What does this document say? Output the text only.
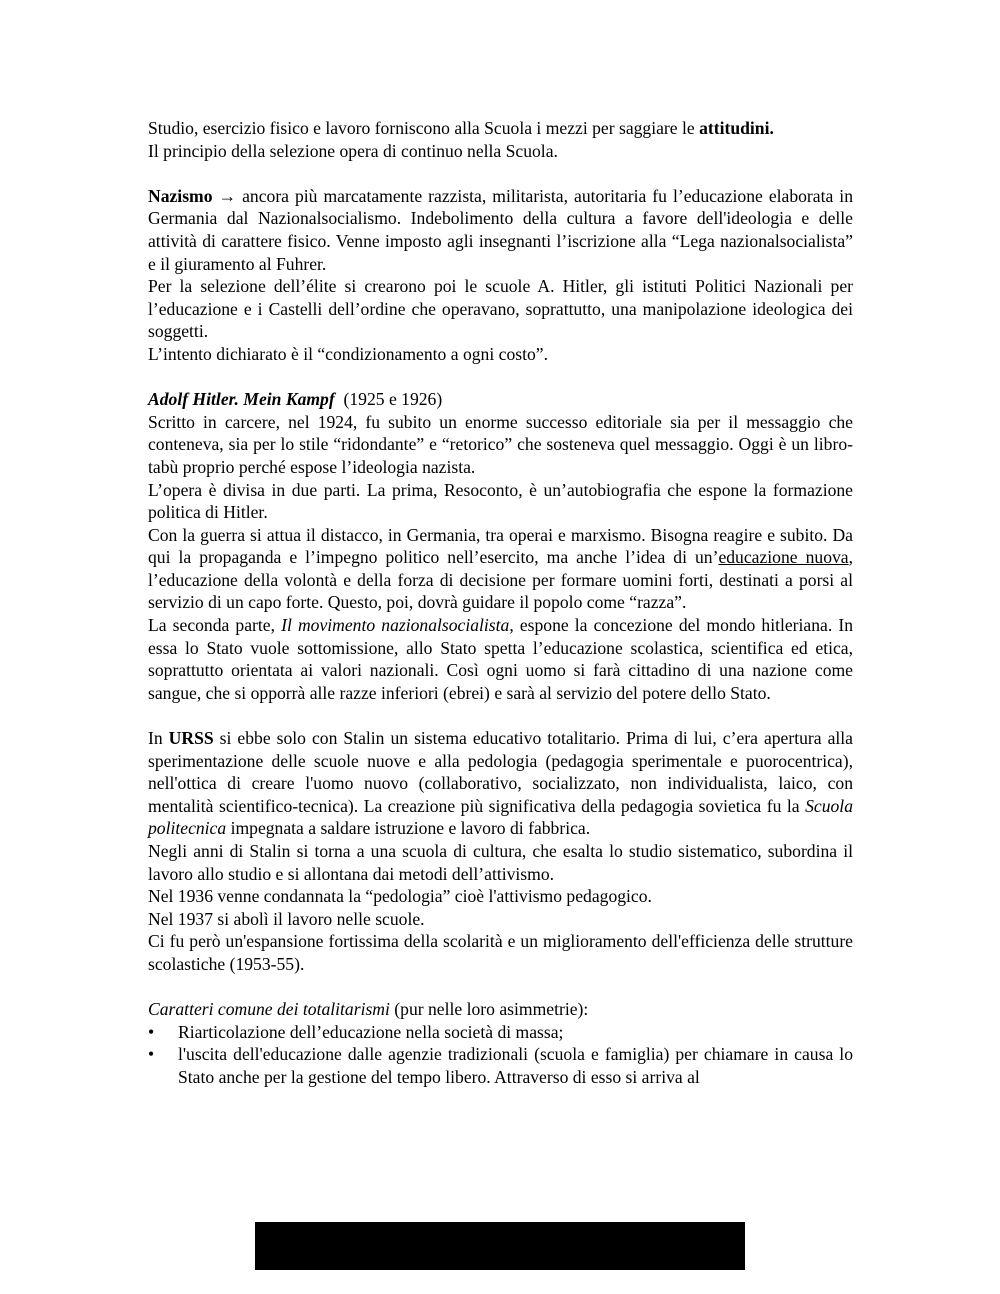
Studio, esercizio fisico e lavoro forniscono alla Scuola i mezzi per saggiare le attitudini.
Il principio della selezione opera di continuo nella Scuola.

Nazismo → ancora più marcatamente razzista, militarista, autoritaria fu l’educazione elaborata in Germania dal Nazionalsocialismo. Indebolimento della cultura a favore dell'ideologia e delle attività di carattere fisico. Venne imposto agli insegnanti l’iscrizione alla “Lega nazionalsocialista” e il giuramento al Fuhrer.

Per la selezione dell’élite si crearono poi le scuole A. Hitler, gli istituti Politici Nazionali per l’educazione e i Castelli dell’ordine che operavano, soprattutto, una manipolazione ideologica dei soggetti.

L’intento dichiarato è il “condizionamento a ogni costo”.

Adolf Hitler. Mein Kampf  (1925 e 1926)

Scritto in carcere, nel 1924, fu subito un enorme successo editoriale sia per il messaggio che conteneva, sia per lo stile “ridondante” e “retorico” che sosteneva quel messaggio. Oggi è un libro-tabù proprio perché espose l’ideologia nazista.

L’opera è divisa in due parti. La prima, Resoconto, è un’autobiografia che espone la formazione politica di Hitler.

Con la guerra si attua il distacco, in Germania, tra operai e marxismo. Bisogna reagire e subito. Da qui la propaganda e l’impegno politico nell’esercito, ma anche l’idea di un’educazione nuova, l’educazione della volontà e della forza di decisione per formare uomini forti, destinati a porsi al servizio di un capo forte. Questo, poi, dovrà guidare il popolo come “razza”.

La seconda parte, Il movimento nazionalsocialista, espone la concezione del mondo hitleriana. In essa lo Stato vuole sottomissione, allo Stato spetta l’educazione scolastica, scientifica ed etica, soprattutto orientata ai valori nazionali. Così ogni uomo si farà cittadino di una nazione come sangue, che si opporrà alle razze inferiori (ebrei) e sarà al servizio del potere dello Stato.

In URSS si ebbe solo con Stalin un sistema educativo totalitario. Prima di lui, c’era apertura alla sperimentazione delle scuole nuove e alla pedologia (pedagogia sperimentale e puorocentrica), nell'ottica di creare l'uomo nuovo (collaborativo, socializzato, non individualista, laico, con mentalità scientifico-tecnica). La creazione più significativa della pedagogia sovietica fu la Scuola politecnica impegnata a saldare istruzione e lavoro di fabbrica.

Negli anni di Stalin si torna a una scuola di cultura, che esalta lo studio sistematico, subordina il lavoro allo studio e si allontana dai metodi dell’attivismo.

Nel 1936 venne condannata la “pedologia” cioè l'attivismo pedagogico.

Nel 1937 si abolì il lavoro nelle scuole.

Ci fu però un'espansione fortissima della scolarità e un miglioramento dell'efficienza delle strutture scolastiche (1953-55).

Caratteri comune dei totalitarismi (pur nelle loro asimmetrie):

• Riarticolazione dell’educazione nella società di massa;
• l'uscita dell'educazione dalle agenzie tradizionali (scuola e famiglia) per chiamare in causa lo Stato anche per la gestione del tempo libero. Attraverso di esso si arriva al
